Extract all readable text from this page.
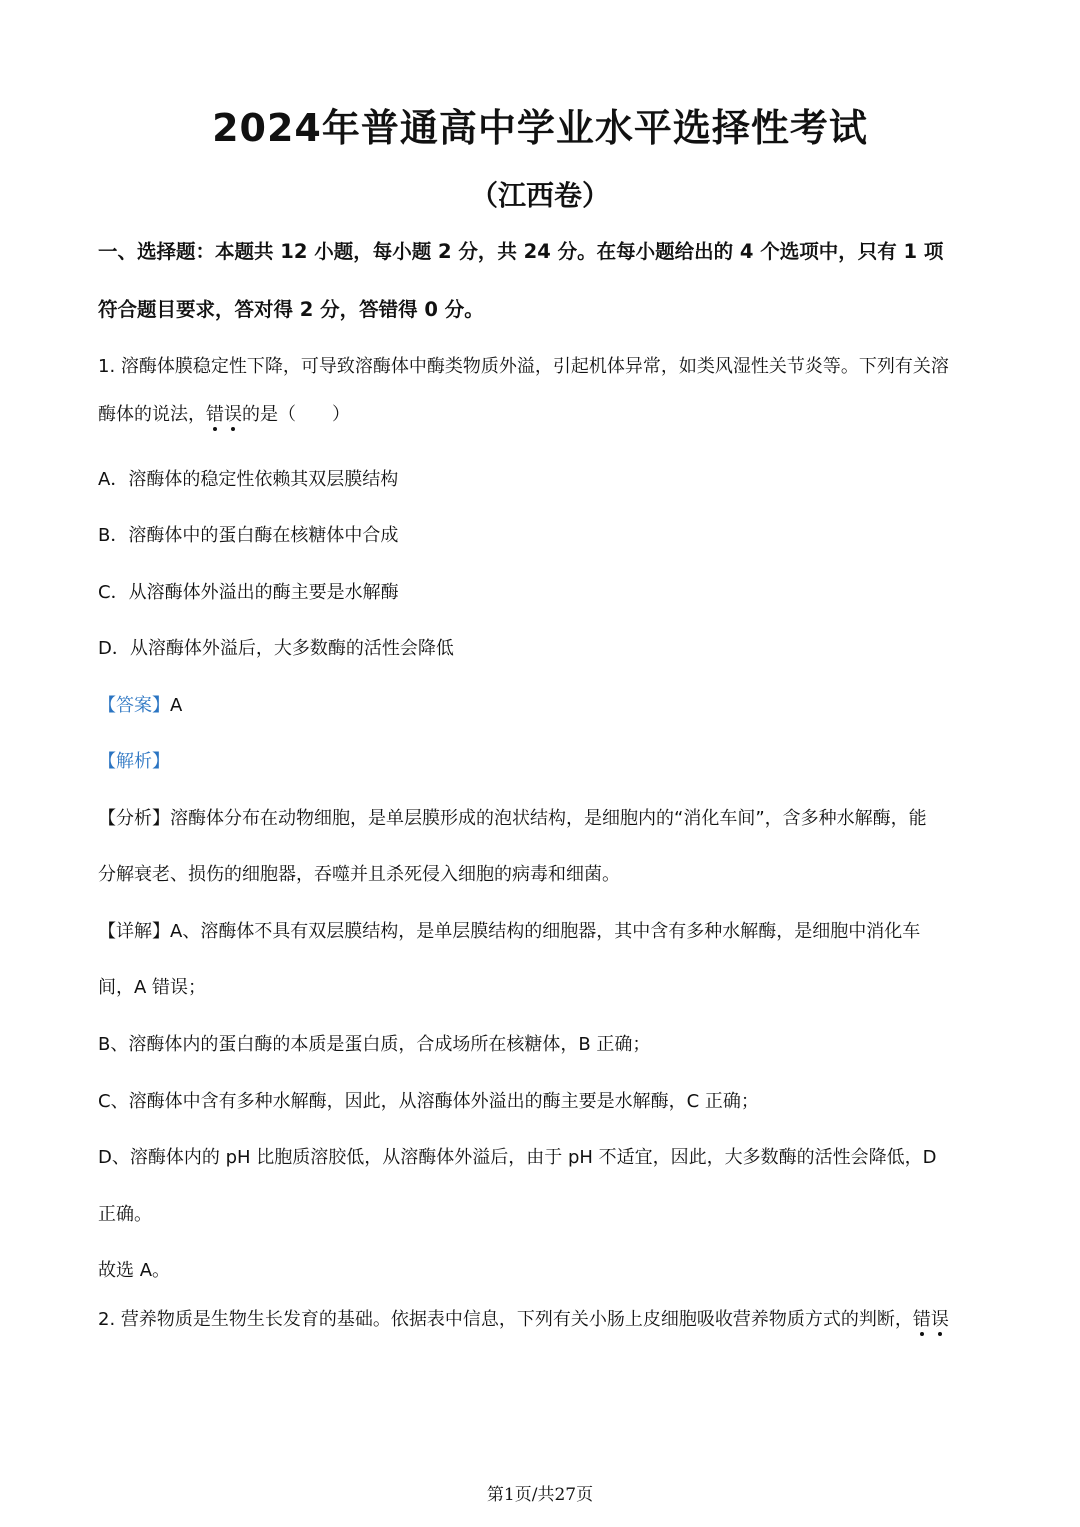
2024年普通高中学业水平选择性考试
（江西卷）
一、选择题：本题共 12 小题，每小题 2 分，共 24 分。在每小题给出的 4 个选项中，只有 1 项
符合题目要求，答对得 2 分，答错得 0 分。
1. 溶酶体膜稳定性下降，可导致溶酶体中酶类物质外溢，引起机体异常，如类风湿性关节炎等。下列有关溶
酶体的说法，错误的是（　　）
A．溶酶体的稳定性依赖其双层膜结构
B．溶酶体中的蛋白酶在核糖体中合成
C．从溶酶体外溢出的酶主要是水解酶
D．从溶酶体外溢后，大多数酶的活性会降低
【答案】A
【解析】
【分析】溶酶体分布在动物细胞，是单层膜形成的泡状结构，是细胞内的“消化车间”，含多种水解酶，能
分解衰老、损伤的细胞器，吞噬并且杀死侵入细胞的病毒和细菌。
【详解】A、溶酶体不具有双层膜结构，是单层膜结构的细胞器，其中含有多种水解酶，是细胞中消化车
间，A 错误；
B、溶酶体内的蛋白酶的本质是蛋白质，合成场所在核糖体，B 正确；
C、溶酶体中含有多种水解酶，因此，从溶酶体外溢出的酶主要是水解酶，C 正确；
D、溶酶体内的 pH 比胞质溶胶低，从溶酶体外溢后，由于 pH 不适宜，因此，大多数酶的活性会降低，D
正确。
故选 A。
2. 营养物质是生物生长发育的基础。依据表中信息，下列有关小肠上皮细胞吸收营养物质方式的判断，错误
第1页/共27页
